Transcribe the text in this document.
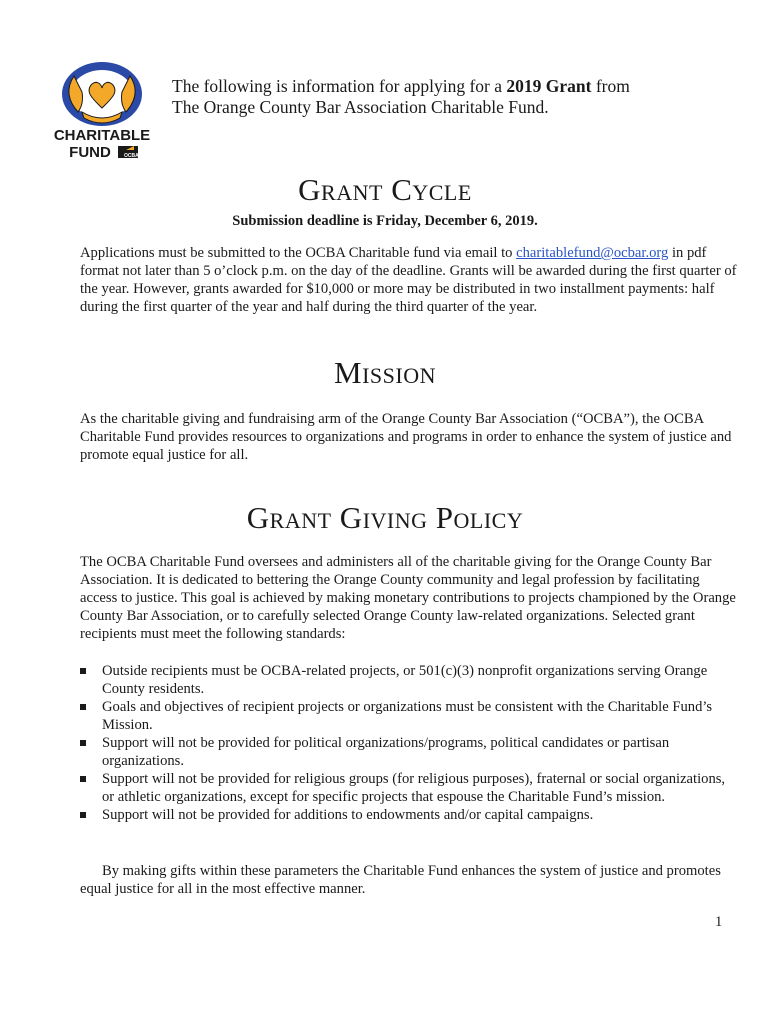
CHARITABLE
FUND	OCBA
The following is information for applying for a 2019 Grant from
The Orange County Bar Association Charitable Fund.
Grant Cycle
Submission deadline is Friday, December 6, 2019.

Applications must be submitted to the OCBA Charitable fund via email to charitablefund@ocbar.org in pdf format not later than 5 o’clock p.m. on the day of the deadline. Grants will be awarded during the first quarter of the year. However, grants awarded for $10,000 or more may be distributed in two installment payments: half during the first quarter of the year and half during the third quarter of the year.

Mission

As the charitable giving and fundraising arm of the Orange County Bar Association (“OCBA”), the OCBA Charitable Fund provides resources to organizations and programs in order to enhance the system of justice and promote equal justice for all.

Grant Giving Policy

The OCBA Charitable Fund oversees and administers all of the charitable giving for the Orange County Bar Association. It is dedicated to bettering the Orange County community and legal profession by facilitating access to justice. This goal is achieved by making monetary contributions to projects championed by the Orange County Bar Association, or to carefully selected Orange County law-related organizations. Selected grant recipients must meet the following standards:

Outside recipients must be OCBA-related projects, or 501(c)(3) nonprofit organizations serving Orange County residents.
Goals and objectives of recipient projects or organizations must be consistent with the Charitable Fund’s Mission.
Support will not be provided for political organizations/programs, political candidates or partisan organizations.
Support will not be provided for religious groups (for religious purposes), fraternal or social organizations, or athletic organizations, except for specific projects that espouse the Charitable Fund’s mission.
Support will not be provided for additions to endowments and/or capital campaigns.

By making gifts within these parameters the Charitable Fund enhances the system of justice and promotes equal justice for all in the most effective manner.

1
